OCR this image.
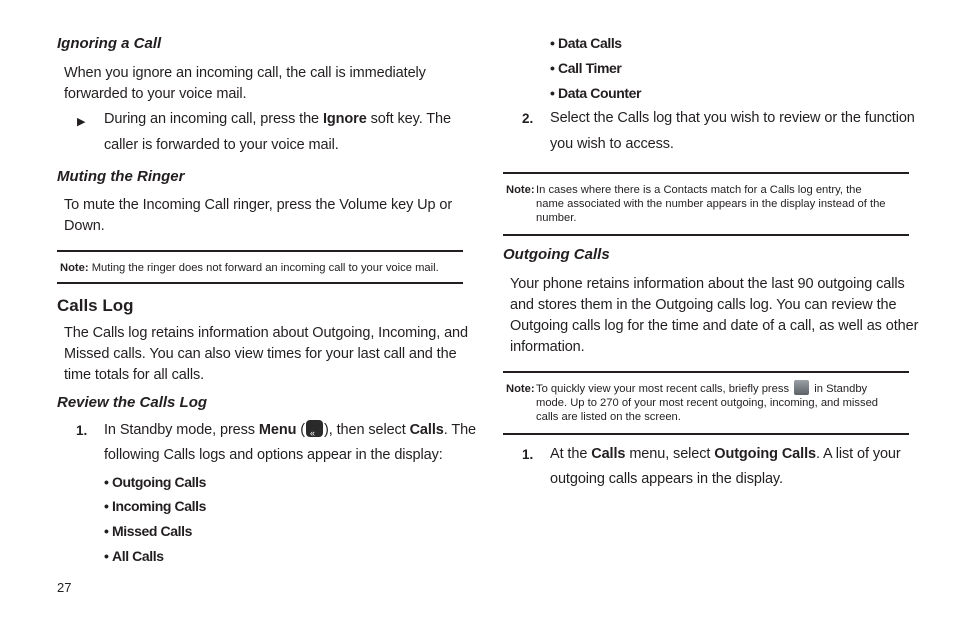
Ignoring a Call
When you ignore an incoming call, the call is immediately
forwarded to your voice mail.
▶ During an incoming call, press the Ignore soft key. The
caller is forwarded to your voice mail.
Muting the Ringer
To mute the Incoming Call ringer, press the Volume key Up or
Down.
Note: Muting the ringer does not forward an incoming call to your voice mail.
Calls Log
The Calls log retains information about Outgoing, Incoming, and
Missed calls. You can also view times for your last call and the
time totals for all calls.
Review the Calls Log
1. In Standby mode, press Menu (« ), then select Calls. The
following Calls logs and options appear in the display:
• Outgoing Calls
• Incoming Calls
• Missed Calls
• All Calls
27
• Data Calls
• Call Timer
• Data Counter
2. Select the Calls log that you wish to review or the function
you wish to access.
Note: In cases where there is a Contacts match for a Calls log entry, the
name associated with the number appears in the display instead of the
number.
Outgoing Calls
Your phone retains information about the last 90 outgoing calls
and stores them in the Outgoing calls log. You can review the
Outgoing calls log for the time and date of a call, as well as other
information.
Note: To quickly view your most recent calls, briefly press  in Standby
mode. Up to 270 of your most recent outgoing, incoming, and missed
calls are listed on the screen.
1. At the Calls menu, select Outgoing Calls. A list of your
outgoing calls appears in the display.
